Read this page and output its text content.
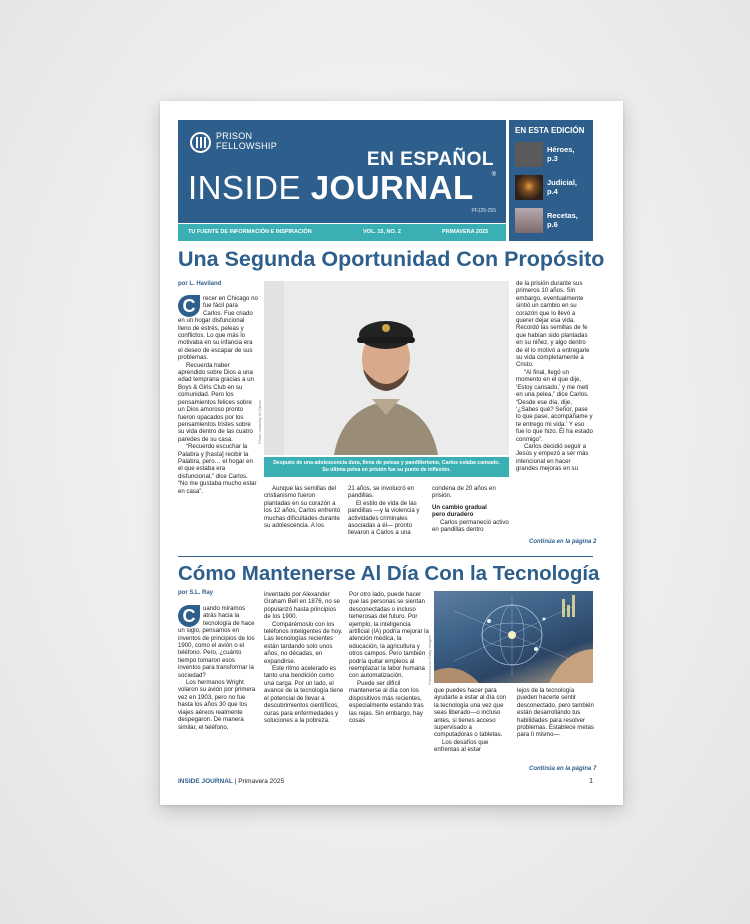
PRISON
FELLOWSHIP
EN ESPAÑOL
INSIDE JOURNAL	®
PFJ25-255
TU FUENTE DE INFORMACIÓN E INSPIRACIÓN	VOL. 15, NO. 2	PRIMAVERA 2025
EN ESTA EDICIÓN
Héroes,
p.3
Judicial,
p.4
Recetas,
p.6
Una Segunda Oportunidad Con Propósito
por L. Haviland

C	recer en Chicago no fue fácil para Carlos. Fue criado en un hogar disfuncional lleno de estrés, peleas y conflictos. Lo que más lo motivaba en su infancia era el deseo de escapar de sus problemas.

Recuerda haber aprendido sobre Dios a una edad temprana gracias a un Boys & Girls Club en su comunidad. Pero los pensamientos felices sobre un Dios amoroso pronto fueron opacados por los pensamientos tristes sobre su vida dentro de las cuatro paredes de su casa.

“Recuerdo escuchar la Palabra y [hasta] recibir la Palabra, pero… el hogar en el que estaba era disfuncional,” dice Carlos. “No me gustaba mucho estar en casa”.

Photo courtesy of Carlos
Después de una adolescencia dura, llena de peleas y pandillerismo, Carlos estaba cansado.
Su última pelea en prisión fue su punto de inflexión.

Aunque las semillas del cristianismo fueron plantadas en su corazón a los 12 años, Carlos enfrentó muchas dificultades durante su adolescencia. A los

21 años, se involucró en pandillas.

El estilo de vida de las pandillas —y la violencia y actividades criminales asociadas a él— pronto llevaron a Carlos a una

condena de 20 años en prisión.

Un cambio gradual
pero duradero

Carlos permaneció activo en pandillas dentro

de la prisión durante sus primeros 10 años. Sin embargo, eventualmente sintió un cambio en su corazón que lo llevó a querer dejar esa vida. Recordó las semillas de fe que habían sido plantadas en su niñez, y algo dentro de él lo motivó a entregarle su vida completamente a Cristo.

“Al final, llegó un momento en el que dije, ‘Estoy cansado,’ y me metí en una pelea,” dice Carlos. “Desde ese día, dije, ‘¿Sabes qué? Señor, pase lo que pase, acompáñame y te entrego mi vida.’ Y eso fue lo que hizo. Él ha estado conmigo”.

Carlos decidió seguir a Jesús y empezó a ser más intencional en hacer grandes mejoras en su

Continúa en la página 2
Cómo Mantenerse Al Día Con la Tecnología
por S.L. Ray

C	uando miramos atrás hacia la tecnología de hace un siglo, pensamos en inventos de principios de los 1900, como el avión o el teléfono. Pero, ¿cuánto tiempo tomaron esos inventos para transformar la sociedad?

Los hermanos Wright volaron su avión por primera vez en 1903, pero no fue hasta los años 30 que los viajes aéreos realmente despegaron. De manera similar, el teléfono,

inventado por Alexander Graham Bell en 1876, no se popularizó hasta principios de los 1900.

Compárémoslo con los teléfonos inteligentes de hoy. Las tecnologías recientes están tardando solo unos años, no décadas, en expandirse.

Este ritmo acelerado es tanto una bendición como una carga. Por un lado, el avance de la tecnología tiene el potencial de llevar a descubrimientos científicos, curas para enfermedades y soluciones a la pobreza.

Por otro lado, puede hacer que las personas se sientan desconectadas o incluso temerosas del futuro. Por ejemplo, la inteligencia artificial (IA) podría mejorar la atención médica, la educación, la agricultura y otros campos. Pero también podría quitar empleos al reemplazar la labor humana con automatización.

Puede ser difícil mantenerse al día con los dispositivos más recientes, especialmente estando tras las rejas. Sin embargo, hay cosas

Purchased on Getty Images

que puedes hacer para ayudarte a estar al día con la tecnología una vez que seas liberado—o incluso antes, si tienes acceso supervisado a computadoras o tabletas.

Los desafíos que enfrentas al estar

lejos de la tecnología pueden hacerte sentir desconectado, pero también están desarrollando tus habilidades para resolver problemas. Establece metas para ti mismo—

Continúa en la página 7
INSIDE JOURNAL | Primavera 2025	1
